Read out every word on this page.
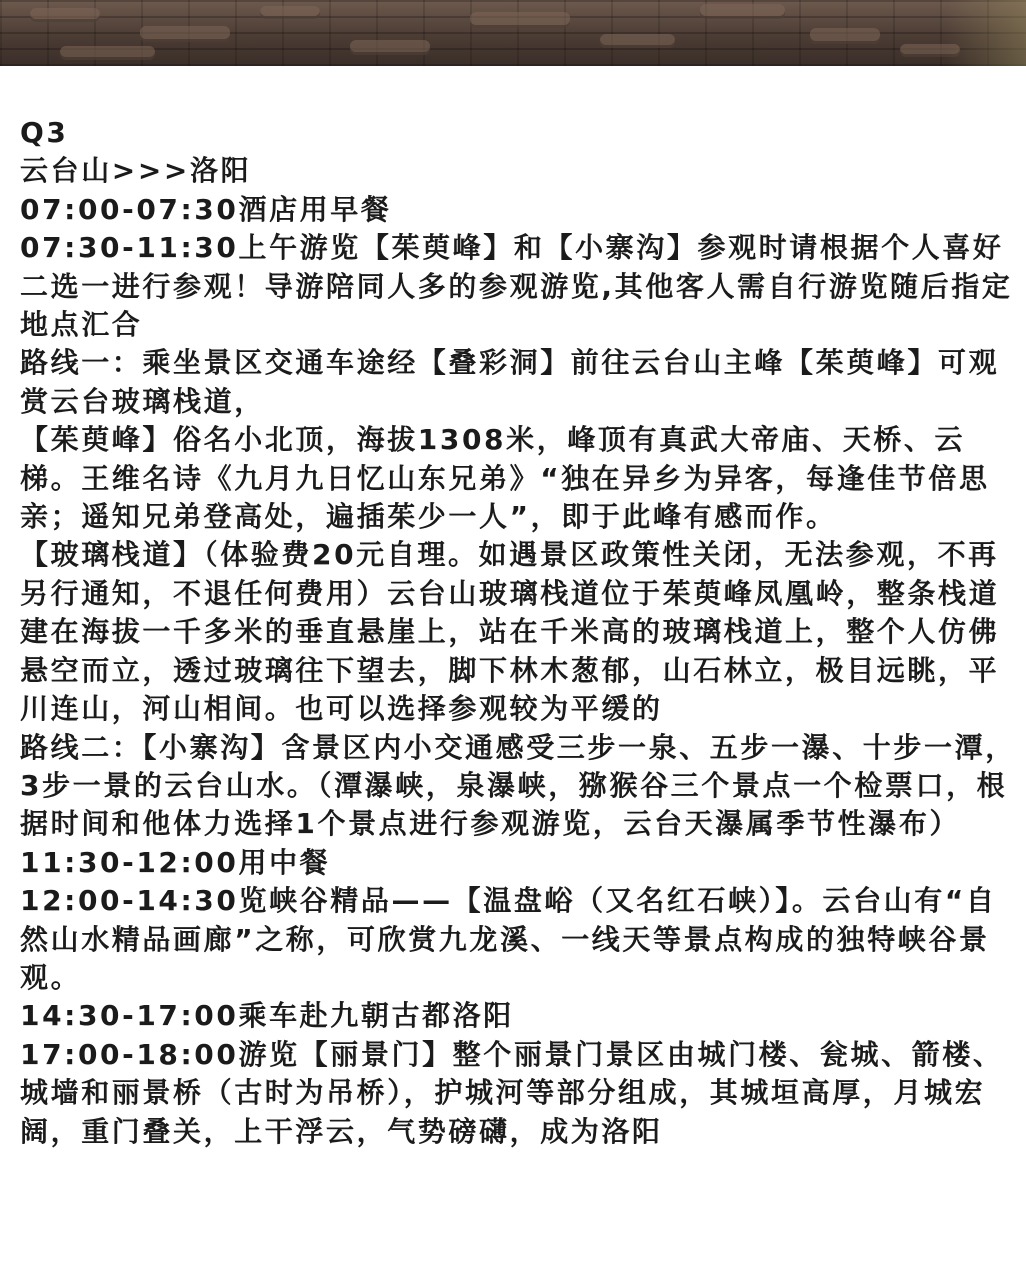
Q3

云台山>>>洛阳

07:00-07:30酒店用早餐

07:30-11:30上午游览【茱萸峰】和【小寨沟】参观时请根据个人喜好二选一进行参观！导游陪同人多的参观游览,其他客人需自行游览随后指定地点汇合

路线一：乘坐景区交通车途经【叠彩洞】前往云台山主峰【茱萸峰】可观赏云台玻璃栈道，

【茱萸峰】俗名小北顶，海拔1308米，峰顶有真武大帝庙、天桥、云梯。王维名诗《九月九日忆山东兄弟》“独在异乡为异客，每逢佳节倍思亲；遥知兄弟登高处，遍插茱少一人”，即于此峰有感而作。

【玻璃栈道】（体验费20元自理。如遇景区政策性关闭，无法参观，不再另行通知，不退任何费用）云台山玻璃栈道位于茱萸峰凤凰岭，整条栈道建在海拔一千多米的垂直悬崖上，站在千米高的玻璃栈道上，整个人仿佛悬空而立，透过玻璃往下望去，脚下林木葱郁，山石林立，极目远眺，平川连山，河山相间。也可以选择参观较为平缓的

路线二：【小寨沟】含景区内小交通感受三步一泉、五步一瀑、十步一潭，3步一景的云台山水。（潭瀑峡，泉瀑峡，猕猴谷三个景点一个检票口，根据时间和他体力选择1个景点进行参观游览，云台天瀑属季节性瀑布）

11:30-12:00用中餐

12:00-14:30览峡谷精品——【温盘峪（又名红石峡）】。云台山有“自然山水精品画廊”之称，可欣赏九龙溪、一线天等景点构成的独特峡谷景观。

14:30-17:00乘车赴九朝古都洛阳

17:00-18:00游览【丽景门】整个丽景门景区由城门楼、瓮城、箭楼、城墙和丽景桥（古时为吊桥），护城河等部分组成，其城垣高厚，月城宏阔，重门叠关，上干浮云，气势磅礴，成为洛阳
